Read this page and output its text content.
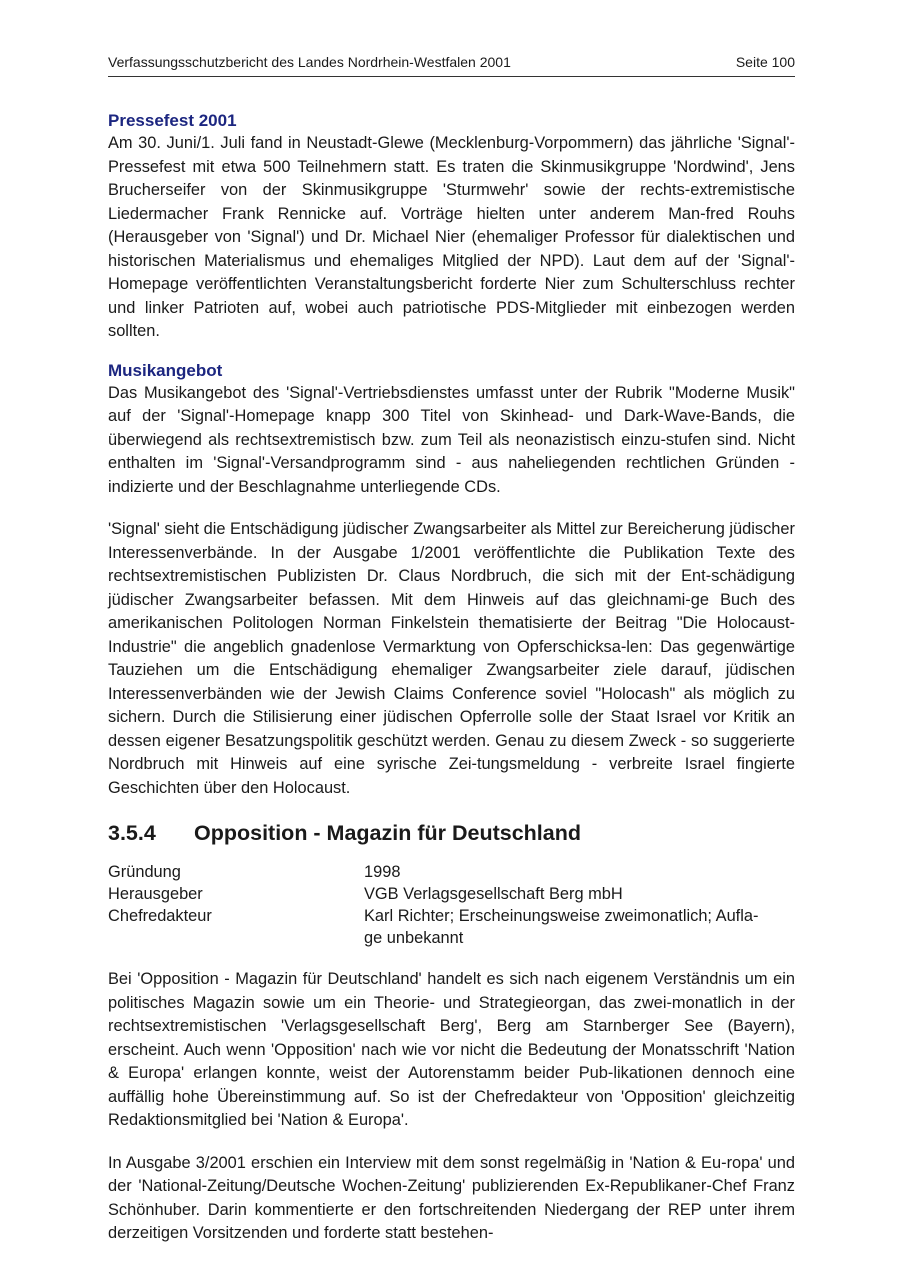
Verfassungsschutzbericht des Landes Nordrhein-Westfalen 2001	Seite 100
Pressefest 2001

Am 30. Juni/1. Juli fand in Neustadt-Glewe (Mecklenburg-Vorpommern) das jährliche 'Signal'-Pressefest mit etwa 500 Teilnehmern statt. Es traten die Skinmusikgruppe 'Nordwind', Jens Brucherseifer von der Skinmusikgruppe 'Sturmwehr' sowie der rechts-extremistische Liedermacher Frank Rennicke auf. Vorträge hielten unter anderem Man-fred Rouhs (Herausgeber von 'Signal') und Dr. Michael Nier (ehemaliger Professor für dialektischen und historischen Materialismus und ehemaliges Mitglied der NPD). Laut dem auf der 'Signal'-Homepage veröffentlichten Veranstaltungsbericht forderte Nier zum Schulterschluss rechter und linker Patrioten auf, wobei auch patriotische PDS-Mitglieder mit einbezogen werden sollten.

Musikangebot

Das Musikangebot des 'Signal'-Vertriebsdienstes umfasst unter der Rubrik "Moderne Musik" auf der 'Signal'-Homepage knapp 300 Titel von Skinhead- und Dark-Wave-Bands, die überwiegend als rechtsextremistisch bzw. zum Teil als neonazistisch einzu-stufen sind. Nicht enthalten im 'Signal'-Versandprogramm sind - aus naheliegenden rechtlichen Gründen - indizierte und der Beschlagnahme unterliegende CDs.

'Signal' sieht die Entschädigung jüdischer Zwangsarbeiter als Mittel zur Bereicherung jüdischer Interessenverbände. In der Ausgabe 1/2001 veröffentlichte die Publikation Texte des rechtsextremistischen Publizisten Dr. Claus Nordbruch, die sich mit der Ent-schädigung jüdischer Zwangsarbeiter befassen. Mit dem Hinweis auf das gleichnami-ge Buch des amerikanischen Politologen Norman Finkelstein thematisierte der Beitrag "Die Holocaust-Industrie" die angeblich gnadenlose Vermarktung von Opferschicksa-len: Das gegenwärtige Tauziehen um die Entschädigung ehemaliger Zwangsarbeiter ziele darauf, jüdischen Interessenverbänden wie der Jewish Claims Conference soviel "Holocash" als möglich zu sichern. Durch die Stilisierung einer jüdischen Opferrolle solle der Staat Israel vor Kritik an dessen eigener Besatzungspolitik geschützt werden. Genau zu diesem Zweck - so suggerierte Nordbruch mit Hinweis auf eine syrische Zei-tungsmeldung - verbreite Israel fingierte Geschichten über den Holocaust.

3.5.4 Opposition - Magazin für Deutschland
Gründung	1998
Herausgeber	VGB Verlagsgesellschaft Berg mbH
Chefredakteur	Karl Richter; Erscheinungsweise zweimonatlich; Aufla-ge unbekannt

Bei 'Opposition - Magazin für Deutschland' handelt es sich nach eigenem Verständnis um ein politisches Magazin sowie um ein Theorie- und Strategieorgan, das zwei-monatlich in der rechtsextremistischen 'Verlagsgesellschaft Berg', Berg am Starnberger See (Bayern), erscheint. Auch wenn 'Opposition' nach wie vor nicht die Bedeutung der Monatsschrift 'Nation & Europa' erlangen konnte, weist der Autorenstamm beider Pub-likationen dennoch eine auffällig hohe Übereinstimmung auf. So ist der Chefredakteur von 'Opposition' gleichzeitig Redaktionsmitglied bei 'Nation & Europa'.

In Ausgabe 3/2001 erschien ein Interview mit dem sonst regelmäßig in 'Nation & Eu-ropa' und der 'National-Zeitung/Deutsche Wochen-Zeitung' publizierenden Ex-Republikaner-Chef Franz Schönhuber. Darin kommentierte er den fortschreitenden Niedergang der REP unter ihrem derzeitigen Vorsitzenden und forderte statt bestehen-
